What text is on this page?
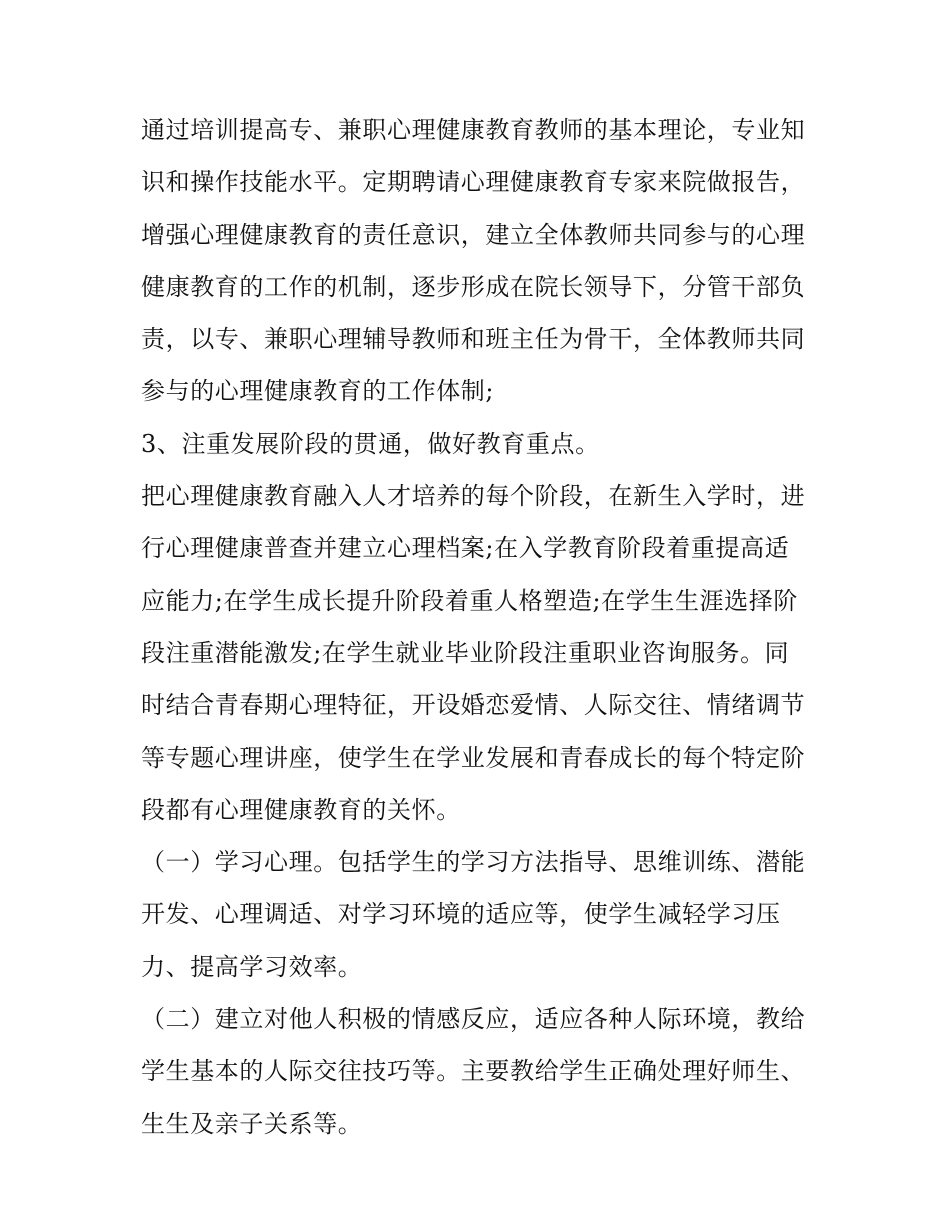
通过培训提高专、兼职心理健康教育教师的基本理论，专业知
识和操作技能水平。定期聘请心理健康教育专家来院做报告，
增强心理健康教育的责任意识，建立全体教师共同参与的心理
健康教育的工作的机制，逐步形成在院长领导下，分管干部负
责，以专、兼职心理辅导教师和班主任为骨干，全体教师共同
参与的心理健康教育的工作体制;
3、注重发展阶段的贯通，做好教育重点。
把心理健康教育融入人才培养的每个阶段，在新生入学时，进
行心理健康普查并建立心理档案;在入学教育阶段着重提高适
应能力;在学生成长提升阶段着重人格塑造;在学生生涯选择阶
段注重潜能激发;在学生就业毕业阶段注重职业咨询服务。同
时结合青春期心理特征，开设婚恋爱情、人际交往、情绪调节
等专题心理讲座，使学生在学业发展和青春成长的每个特定阶
段都有心理健康教育的关怀。
（一）学习心理。包括学生的学习方法指导、思维训练、潜能
开发、心理调适、对学习环境的适应等，使学生减轻学习压
力、提高学习效率。
（二）建立对他人积极的情感反应，适应各种人际环境，教给
学生基本的人际交往技巧等。主要教给学生正确处理好师生、
生生及亲子关系等。
